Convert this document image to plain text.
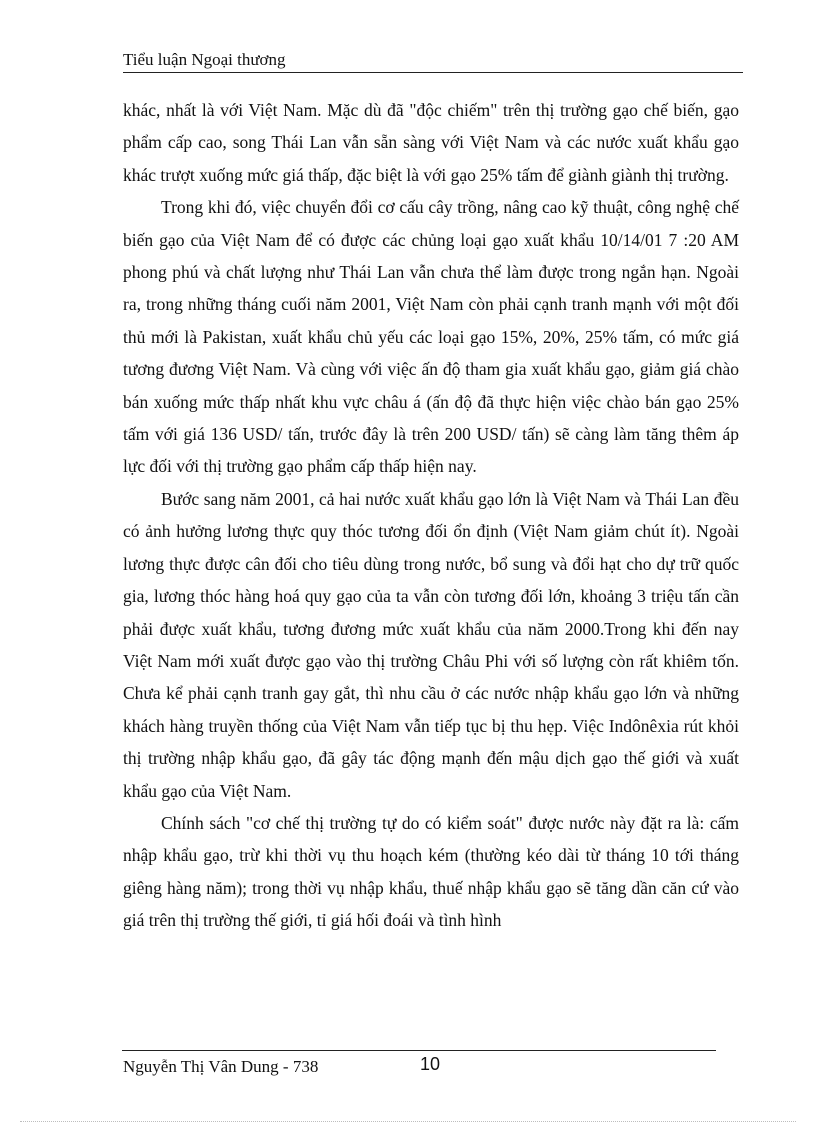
Tiểu luận Ngoại thương

khác, nhất là với Việt Nam. Mặc dù đã "độc chiếm" trên thị trường gạo chế biến, gạo phẩm cấp cao, song Thái Lan vẫn sẵn sàng với Việt Nam và các nước xuất khẩu gạo khác trượt xuống mức giá thấp, đặc biệt là với gạo 25% tấm để giành giành thị trường.

Trong khi đó, việc chuyển đổi cơ cấu cây trồng, nâng cao kỹ thuật, công nghệ chế biến gạo của Việt Nam để có được các chủng loại gạo xuất khẩu 10/14/01 7 :20 AM phong phú và chất lượng như Thái Lan vẫn chưa thể làm được trong ngắn hạn. Ngoài ra, trong những tháng cuối năm 2001, Việt Nam còn phải cạnh tranh mạnh với một đối thủ mới là Pakistan, xuất khẩu chủ yếu các loại gạo 15%, 20%, 25% tấm, có mức giá tương đương Việt Nam. Và cùng với việc ấn độ tham gia xuất khẩu gạo, giảm giá chào bán xuống mức thấp nhất khu vực châu á (ấn độ đã thực hiện việc chào bán gạo 25% tấm với giá 136 USD/ tấn, trước đây là trên 200 USD/ tấn) sẽ càng làm tăng thêm áp lực đối với thị trường gạo phẩm cấp thấp hiện nay.

Bước sang năm 2001, cả hai nước xuất khẩu gạo lớn là Việt Nam và Thái Lan đều có ảnh hưởng lương thực quy thóc tương đối ổn định (Việt Nam giảm chút ít). Ngoài lương thực được cân đối cho tiêu dùng trong nước, bổ sung và đổi hạt cho dự trữ quốc gia, lương thóc hàng hoá quy gạo của ta vẫn còn tương đối lớn, khoảng 3 triệu tấn cần phải được xuất khẩu, tương đương mức xuất khẩu của năm 2000.Trong khi đến nay Việt Nam mới xuất được gạo vào thị trường Châu Phi với số lượng còn rất khiêm tốn. Chưa kể phải cạnh tranh gay gắt, thì nhu cầu ở các nước nhập khẩu gạo lớn và những khách hàng truyền thống của Việt Nam vẫn tiếp tục bị thu hẹp. Việc Indônêxia rút khỏi thị trường nhập khẩu gạo, đã gây tác động mạnh đến mậu dịch gạo thế giới và xuất khẩu gạo của Việt Nam.

Chính sách "cơ chế thị trường tự do có kiểm soát" được nước này đặt ra là: cấm nhập khẩu gạo, trừ khi thời vụ thu hoạch kém (thường kéo dài từ tháng 10 tới tháng giêng hàng năm); trong thời vụ nhập khẩu, thuế nhập khẩu gạo sẽ tăng dần căn cứ vào giá trên thị trường thế giới, tỉ giá hối đoái và tình hình

Nguyễn Thị Vân Dung - 738	10
